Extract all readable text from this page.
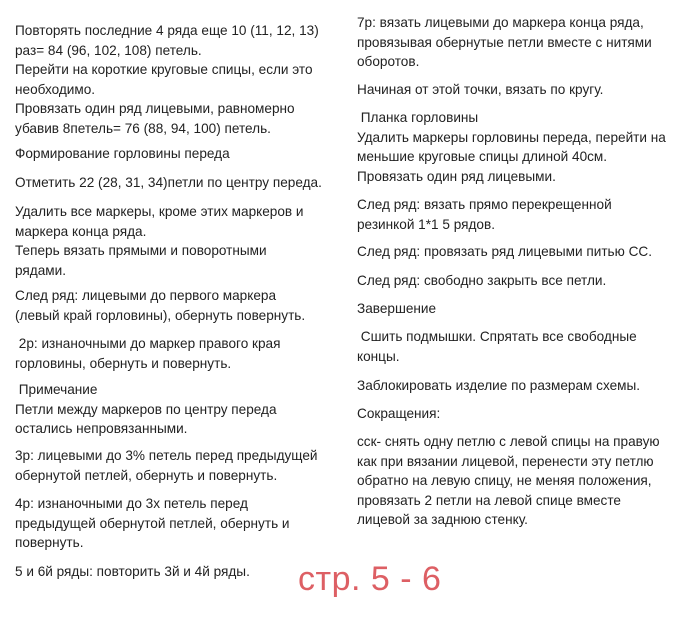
Повторять последние 4 ряда еще 10 (11, 12, 13)
раз= 84 (96, 102, 108) петель.
Перейти на короткие круговые спицы, если это
необходимо.
Провязать один ряд лицевыми, равномерно
убавив 8петель= 76 (88, 94, 100) петель.

Формирование горловины переда

Отметить 22 (28, 31, 34)петли по центру переда.

Удалить все маркеры, кроме этих маркеров и
маркера конца ряда.
Теперь вязать прямыми и поворотными
рядами.

След ряд: лицевыми до первого маркера
(левый край горловины), обернуть повернуть.

2р: изнаночными до маркер правого края
горловины, обернуть и повернуть.

Примечание
Петли между маркеров по центру переда
остались непровязанными.

3р: лицевыми до 3% петель перед предыдущей
обернутой петлей, обернуть и повернуть.

4р: изнаночными до 3х петель перед
предыдущей обернутой петлей, обернуть и
повернуть.

5 и 6й ряды: повторить 3й и 4й ряды.

7р: вязать лицевыми до маркера конца ряда,
провязывая обернутые петли вместе с нитями
оборотов.

Начиная от этой точки, вязать по кругу.

Планка горловины
Удалить маркеры горловины переда, перейти на
меньшие круговые спицы длиной 40см.
Провязать один ряд лицевыми.

След ряд: вязать прямо перекрещенной
резинкой 1*1 5 рядов.

След ряд: провязать ряд лицевыми питью СС.

След ряд: свободно закрыть все петли.

Завершение

Сшить подмышки. Спрятать все свободные
концы.

Заблокировать изделие по размерам схемы.

Сокращения:

сск- снять одну петлю с левой спицы на правую
как при вязании лицевой, перенести эту петлю
обратно на левую спицу, не меняя положения,
провязать 2 петли на левой спице вместе
лицевой за заднюю стенку.

стр. 5 - 6
